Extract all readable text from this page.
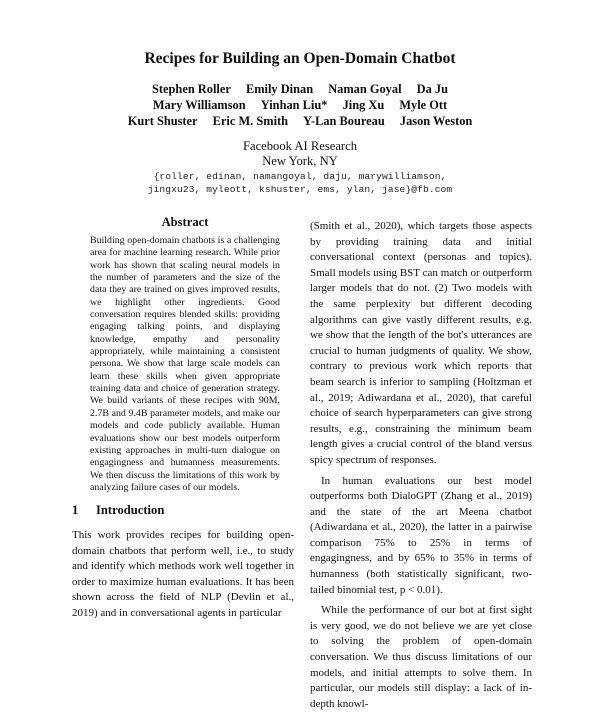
Recipes for Building an Open-Domain Chatbot
Stephen Roller Emily Dinan Naman Goyal Da Ju
Mary Williamson Yinhan Liu* Jing Xu Myle Ott
Kurt Shuster Eric M. Smith Y-Lan Boureau Jason Weston
Facebook AI Research
New York, NY
{roller, edinan, namangoyal, daju, marywilliamson,
jingxu23, myleott, kshuster, ems, ylan, jase}@fb.com
Abstract
Building open-domain chatbots is a challenging area for machine learning research. While prior work has shown that scaling neural models in the number of parameters and the size of the data they are trained on gives improved results, we highlight other ingredients. Good conversation requires blended skills: providing engaging talking points, and displaying knowledge, empathy and personality appropriately, while maintaining a consistent persona. We show that large scale models can learn these skills when given appropriate training data and choice of generation strategy. We build variants of these recipes with 90M, 2.7B and 9.4B parameter models, and make our models and code publicly available. Human evaluations show our best models outperform existing approaches in multi-turn dialogue on engagingness and humanness measurements. We then discuss the limitations of this work by analyzing failure cases of our models.
1 Introduction
This work provides recipes for building open-domain chatbots that perform well, i.e., to study and identify which methods work well together in order to maximize human evaluations. It has been shown across the field of NLP (Devlin et al., 2019) and in conversational agents in particular

(Smith et al., 2020), which targets those aspects by providing training data and initial conversational context (personas and topics). Small models using BST can match or outperform larger models that do not. (2) Two models with the same perplexity but different decoding algorithms can give vastly different results, e.g. we show that the length of the bot's utterances are crucial to human judgments of quality. We show, contrary to previous work which reports that beam search is inferior to sampling (Holtzman et al., 2019; Adiwardana et al., 2020), that careful choice of search hyperparameters can give strong results, e.g., constraining the minimum beam length gives a crucial control of the bland versus spicy spectrum of responses.

In human evaluations our best model outperforms both DialoGPT (Zhang et al., 2019) and the state of the art Meena chatbot (Adiwardana et al., 2020), the latter in a pairwise comparison 75% to 25% in terms of engagingness, and by 65% to 35% in terms of humanness (both statistically significant, two-tailed binomial test, p < 0.01).

While the performance of our bot at first sight is very good, we do not believe we are yet close to solving the problem of open-domain conversation. We thus discuss limitations of our models, and initial attempts to solve them. In particular, our models still display: a lack of in-depth knowl-
